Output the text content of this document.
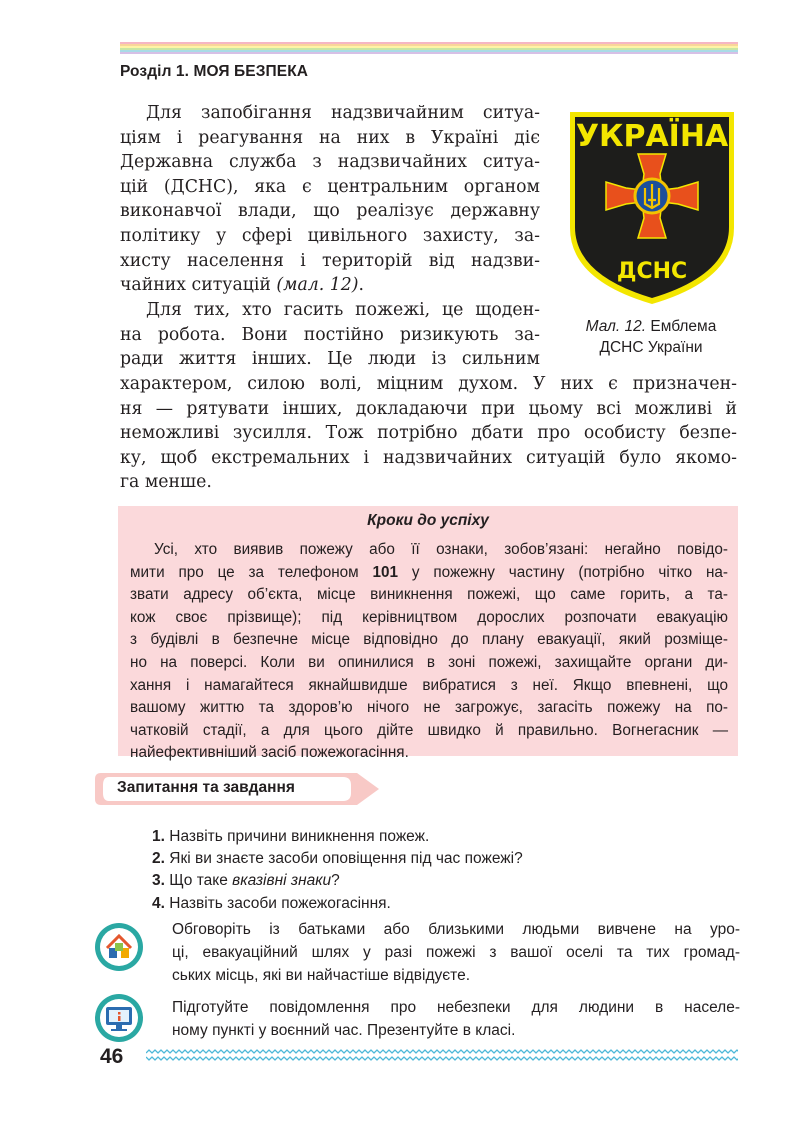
Розділ 1. МОЯ БЕЗПЕКА
Для запобігання надзвичайним ситуа-
ціям і реагування на них в Україні діє
Державна служба з надзвичайних ситуа-
цій (ДСНС), яка є центральним органом
виконавчої влади, що реалізує державну
політику у сфері цивільного захисту, за-
хисту населення і територій від надзви-
чайних ситуацій (мал. 12).
Для тих, хто гасить пожежі, це щоден-
на робота. Вони постійно ризикують за-
ради життя інших. Це люди із сильним
характером, силою волі, міцним духом. У них є призначен-
ня — рятувати інших, докладаючи при цьому всі можливі й
неможливі зусилля. Тож потрібно дбати про особисту безпе-
ку, щоб екстремальних і надзвичайних ситуацій було якомо-
га менше.
УКРАЇНА
ДСНС
Мал. 12. Емблема
ДСНС України
Кроки до успіху
Усі, хто виявив пожежу або її ознаки, зобов’язані: негайно повідо-
мити про це за телефоном 101 у пожежну частину (потрібно чітко на-
звати адресу об’єкта, місце виникнення пожежі, що саме горить, а та-
кож своє прізвище); під керівництвом дорослих розпочати евакуацію
з будівлі в безпечне місце відповідно до плану евакуації, який розміще-
но на поверсі. Коли ви опинилися в зоні пожежі, захищайте органи ди-
хання і намагайтеся якнайшвидше вибратися з неї. Якщо впевнені, що
вашому життю та здоров’ю нічого не загрожує, загасіть пожежу на по-
чатковій стадії, а для цього дійте швидко й правильно. Вогнегасник —
найефективніший засіб пожежогасіння.
Запитання та завдання
1. Назвіть причини виникнення пожеж.
2. Які ви знаєте засоби оповіщення під час пожежі?
3. Що таке вказівні знаки?
4. Назвіть засоби пожежогасіння.
Обговоріть із батьками або близькими людьми вивчене на уро-
ці, евакуаційний шлях у разі пожежі з вашої оселі та тих громад-
ських місць, які ви найчастіше відвідуєте.
Підготуйте повідомлення про небезпеки для людини в населе-
ному пункті у воєнний час. Презентуйте в класі.
46
